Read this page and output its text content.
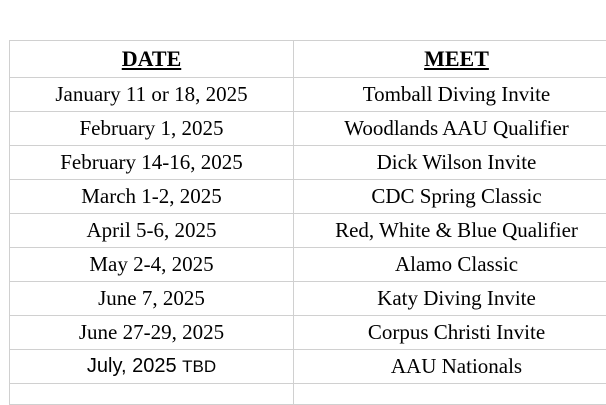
DATE	MEET
January 11 or 18, 2025	Tomball Diving Invite
February 1, 2025	Woodlands AAU Qualifier
February 14-16, 2025	Dick Wilson Invite
March 1-2, 2025	CDC Spring Classic
April 5-6, 2025	Red, White & Blue Qualifier
May 2-4, 2025	Alamo Classic
June 7, 2025	Katy Diving Invite
June 27-29, 2025	Corpus Christi Invite
July, 2025 TBD	AAU Nationals
